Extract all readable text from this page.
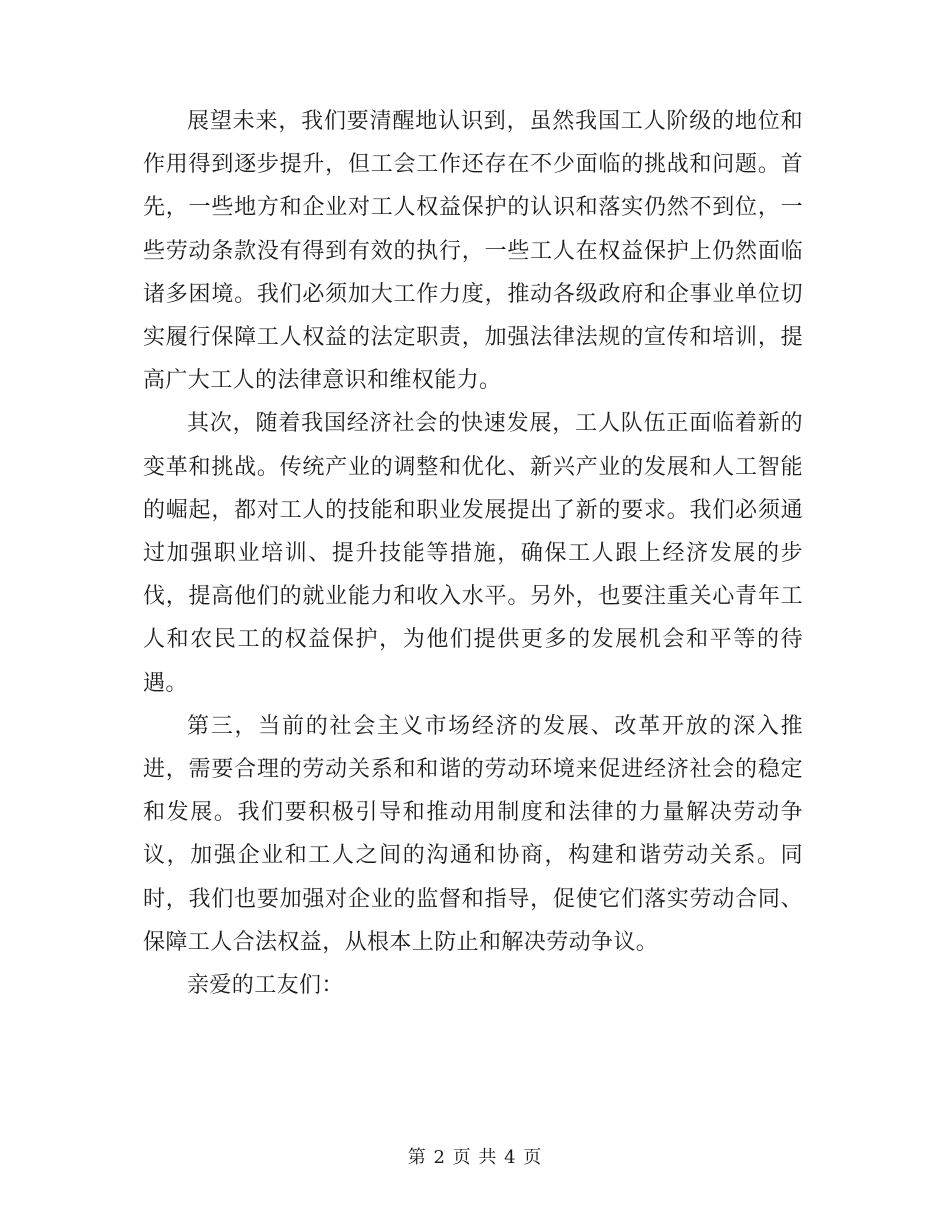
展望未来，我们要清醒地认识到，虽然我国工人阶级的地位和作用得到逐步提升，但工会工作还存在不少面临的挑战和问题。首先，一些地方和企业对工人权益保护的认识和落实仍然不到位，一些劳动条款没有得到有效的执行，一些工人在权益保护上仍然面临诸多困境。我们必须加大工作力度，推动各级政府和企事业单位切实履行保障工人权益的法定职责，加强法律法规的宣传和培训，提高广大工人的法律意识和维权能力。

其次，随着我国经济社会的快速发展，工人队伍正面临着新的变革和挑战。传统产业的调整和优化、新兴产业的发展和人工智能的崛起，都对工人的技能和职业发展提出了新的要求。我们必须通过加强职业培训、提升技能等措施，确保工人跟上经济发展的步伐，提高他们的就业能力和收入水平。另外，也要注重关心青年工人和农民工的权益保护，为他们提供更多的发展机会和平等的待遇。

第三，当前的社会主义市场经济的发展、改革开放的深入推进，需要合理的劳动关系和和谐的劳动环境来促进经济社会的稳定和发展。我们要积极引导和推动用制度和法律的力量解决劳动争议，加强企业和工人之间的沟通和协商，构建和谐劳动关系。同时，我们也要加强对企业的监督和指导，促使它们落实劳动合同、保障工人合法权益，从根本上防止和解决劳动争议。

亲爱的工友们：

第 2 页 共 4 页
